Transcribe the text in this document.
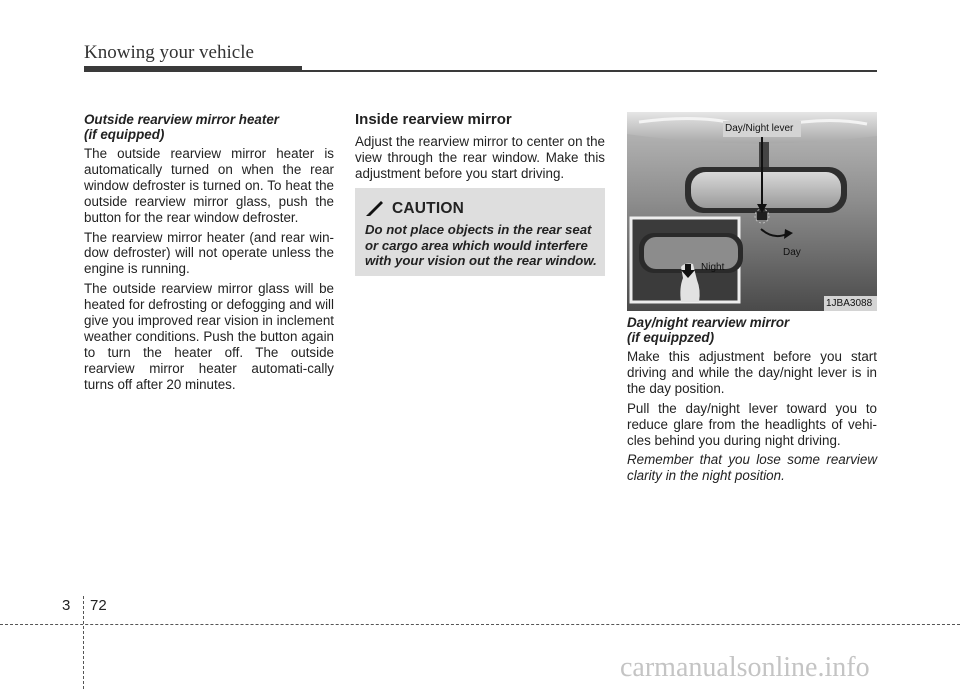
Knowing your vehicle
Outside rearview mirror heater
(if equipped)

The outside rearview mirror heater is automatically turned on when the rear window defroster is turned on. To heat the outside rearview mirror glass, push the button for the rear window defroster.

The rearview mirror heater (and rear win-dow defroster) will not operate unless the engine is running.

The outside rearview mirror glass will be heated for defrosting or defogging and will give you improved rear vision in inclement weather conditions. Push the button again to turn the heater off. The outside rearview mirror heater automati-cally turns off after 20 minutes.

Inside rearview mirror

Adjust the rearview mirror to center on the view through the rear window. Make this adjustment before you start driving.

CAUTION
Do not place objects in the rear seat
or cargo area which would interfere
with your vision out the rear window.
Day/Night lever
Day
Night
1JBA3088
Day/night rearview mirror
(if equippzed)

Make this adjustment before you start driving and while the day/night lever is in the day position.

Pull the day/night lever toward you to reduce glare from the headlights of vehi-cles behind you during night driving.

Remember that you lose some rearview clarity in the night position.

3 72
carmanualsonline.info
